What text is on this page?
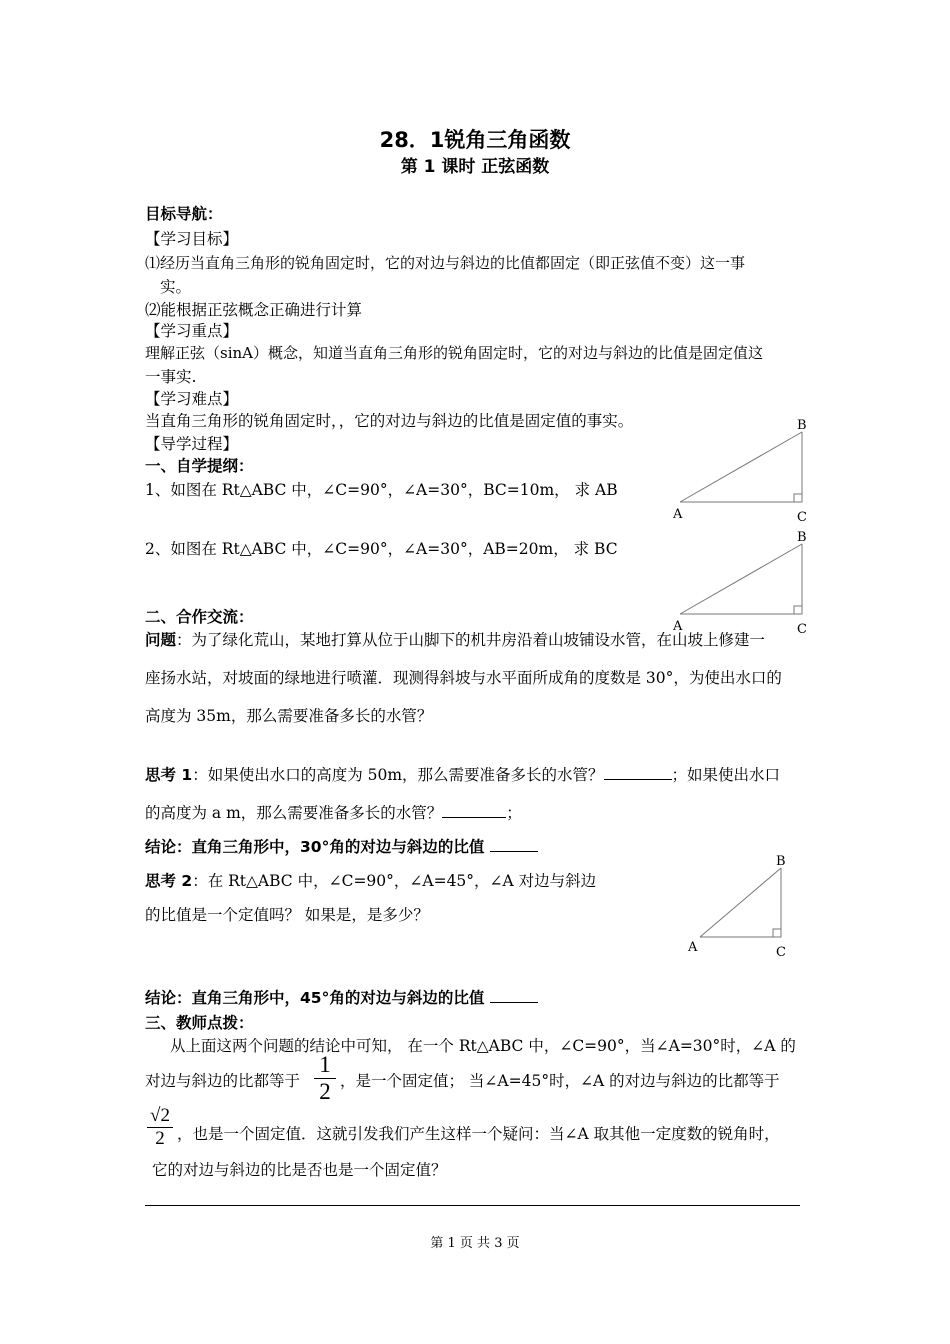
28．1锐角三角函数
第 1 课时 正弦函数
目标导航：
【学习目标】
⑴经历当直角三角形的锐角固定时，它的对边与斜边的比值都固定（即正弦值不变）这一事
实。
⑵能根据正弦概念正确进行计算
【学习重点】
理解正弦（sinA）概念，知道当直角三角形的锐角固定时，它的对边与斜边的比值是固定值这
一事实.
【学习难点】
当直角三角形的锐角固定时，，它的对边与斜边的比值是固定值的事实。
【导学过程】
一、自学提纲：
1、如图在 Rt△ABC 中，∠C=90°，∠A=30°，BC=10m， 求 AB
2、如图在 Rt△ABC 中，∠C=90°，∠A=30°，AB=20m， 求 BC
B
A	C
B
A	C
二、合作交流：
问题：为了绿化荒山，某地打算从位于山脚下的机井房沿着山坡铺设水管，在山坡上修建一
座扬水站，对坡面的绿地进行喷灌．现测得斜坡与水平面所成角的度数是 30°，为使出水口的
高度为 35m，那么需要准备多长的水管？
思考 1：如果使出水口的高度为 50m，那么需要准备多长的水管？	；如果使出水口
的高度为 a m，那么需要准备多长的水管？	；
结论：直角三角形中，30°角的对边与斜边的比值
思考 2：在 Rt△ABC 中，∠C=90°，∠A=45°，∠A 对边与斜边
的比值是一个定值吗？ 如果是，是多少？
B
A	C
结论：直角三角形中，45°角的对边与斜边的比值
三、教师点拨：
从上面这两个问题的结论中可知， 在一个 Rt△ABC 中，∠C=90°，当∠A=30°时，∠A 的
对边与斜边的比都等于
1
2 ，是一个固定值； 当∠A=45°时，∠A 的对边与斜边的比都等于
√2
2 ，也是一个固定值．这就引发我们产生这样一个疑问：当∠A 取其他一定度数的锐角时，
它的对边与斜边的比是否也是一个固定值？
第 1 页 共 3 页
